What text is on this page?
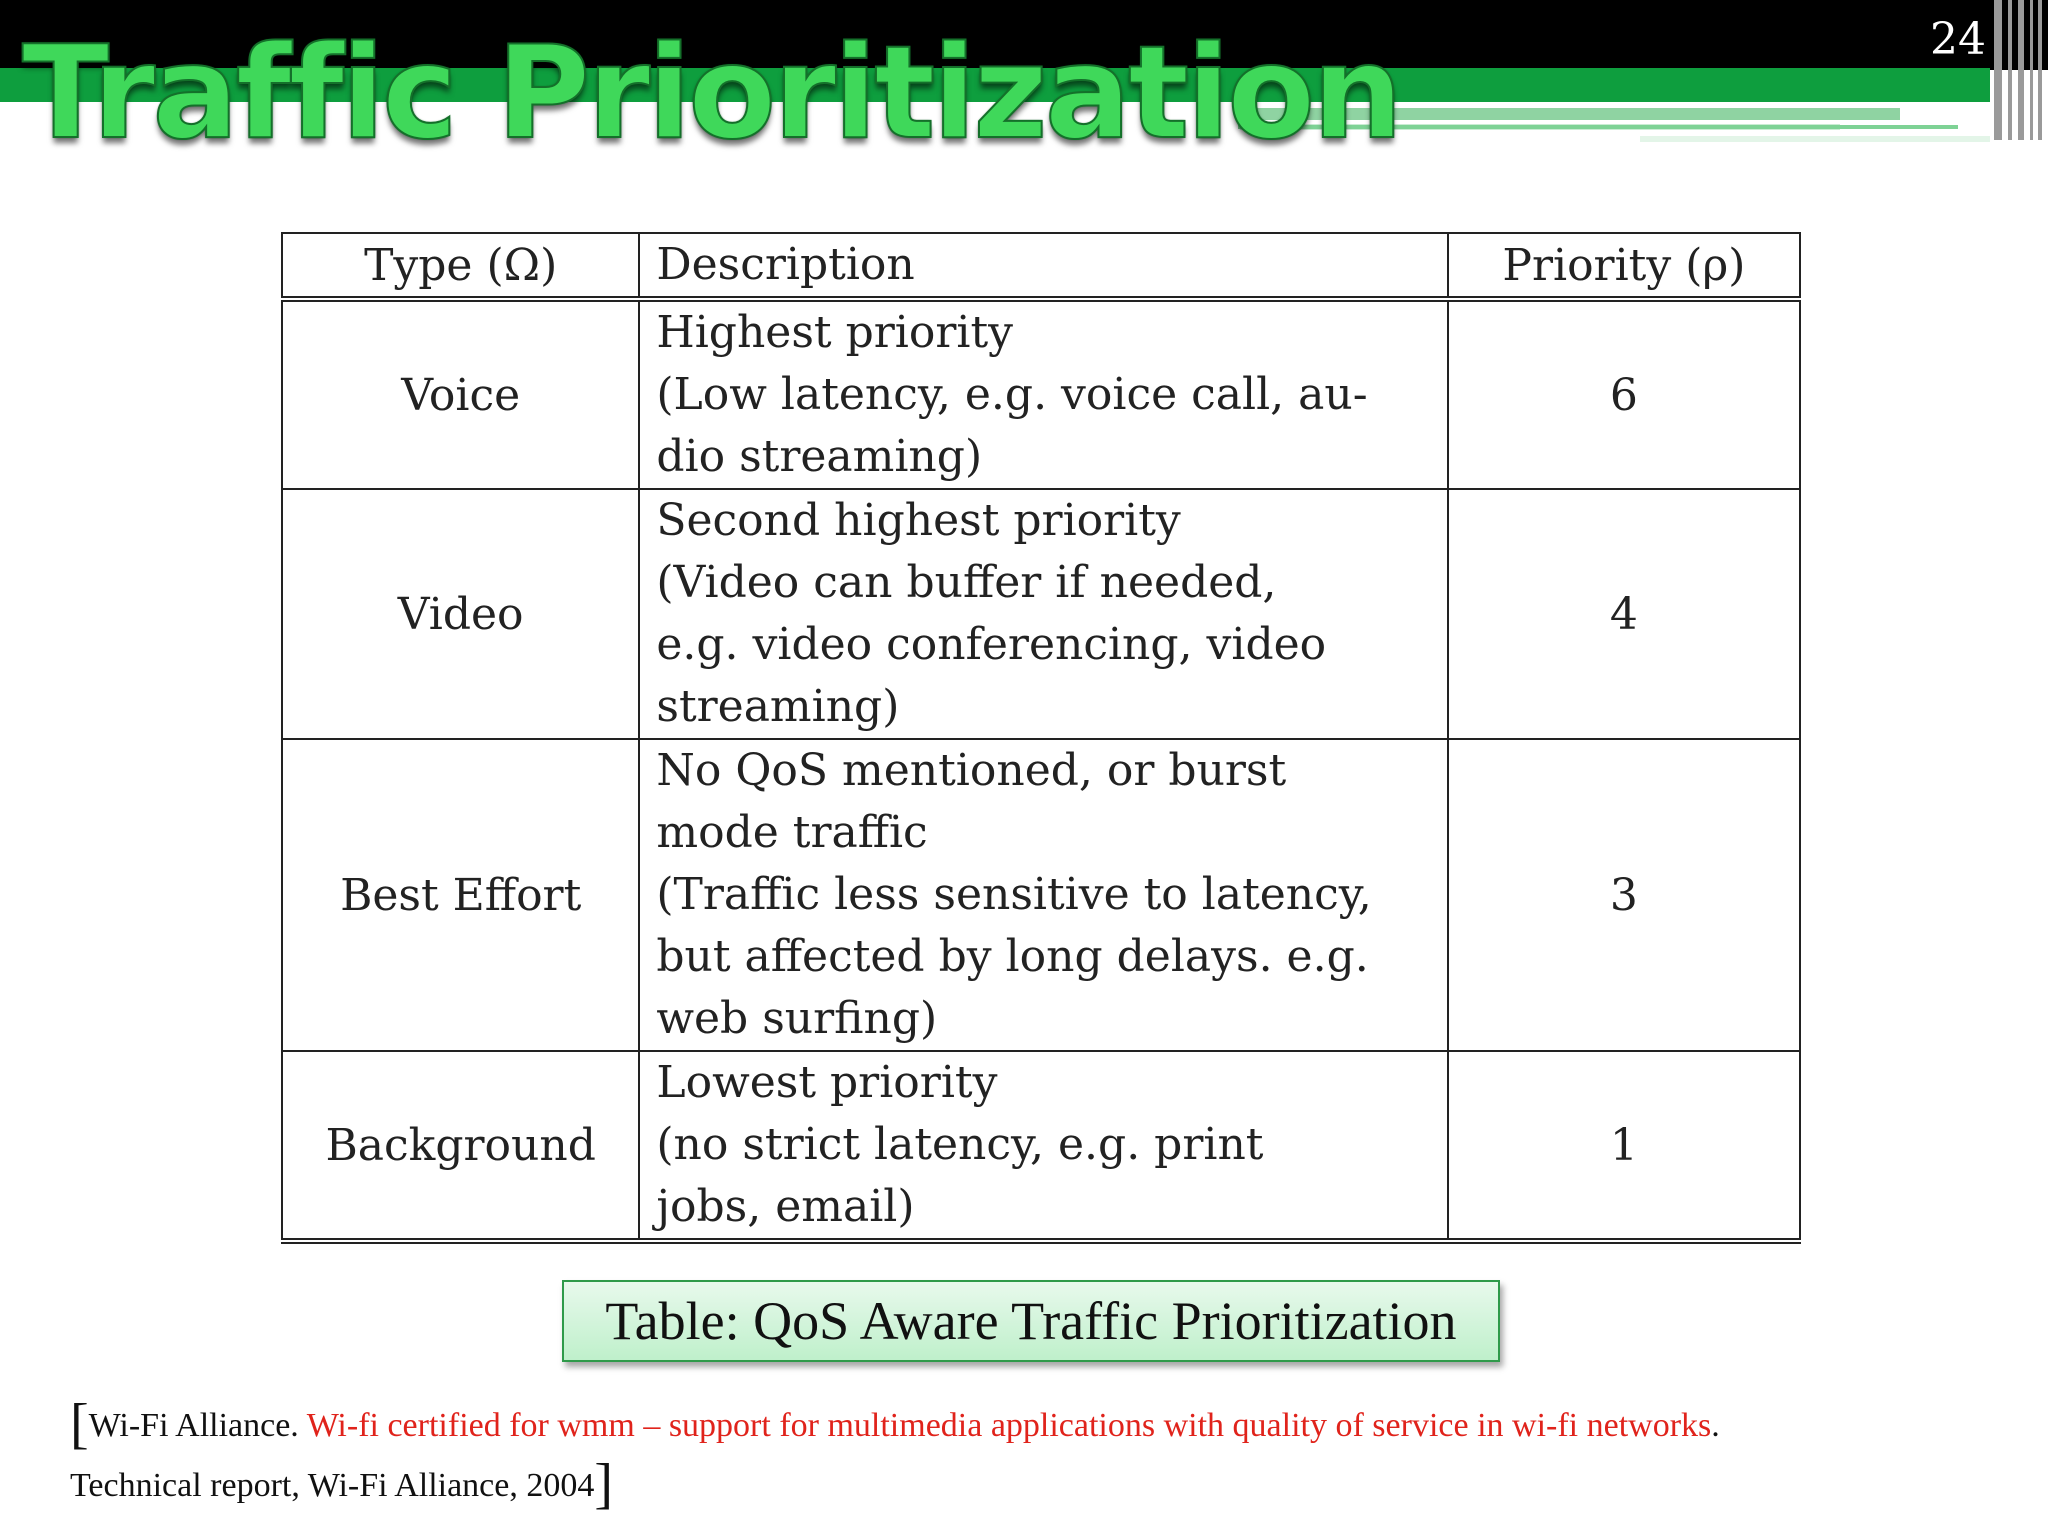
24
Traffic Prioritization
Type (Ω)	Description	Priority (ρ)
Voice	Highest priority
(Low latency, e.g. voice call, au-
dio streaming)	6
Video	Second highest priority
(Video can buffer if needed,
e.g. video conferencing, video
streaming)	4
Best Effort	No QoS mentioned, or burst
mode traffic
(Traffic less sensitive to latency,
but affected by long delays. e.g.
web surfing)	3
Background	Lowest priority
(no strict latency, e.g. print
jobs, email)	1
Table: QoS Aware Traffic Prioritization
[Wi-Fi Alliance. Wi-fi certified for wmm – support for multimedia applications with quality of service in wi-fi networks.
Technical report, Wi-Fi Alliance, 2004]
